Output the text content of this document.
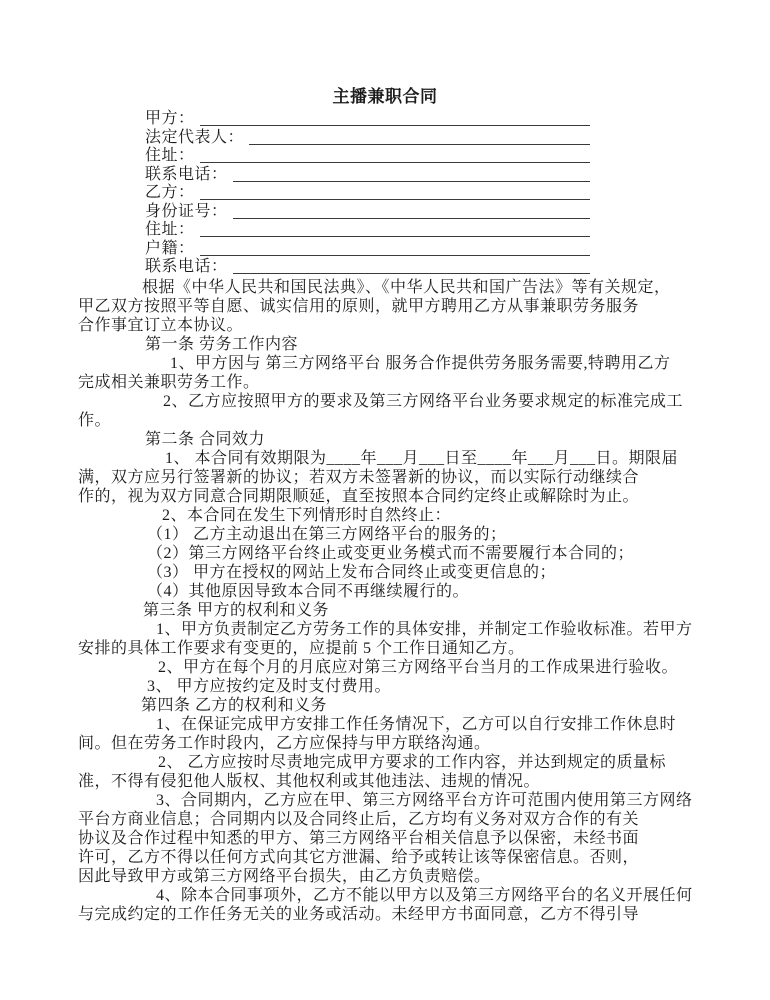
主播兼职合同
甲方：
法定代表人：
住址：
联系电话：
乙方：
身份证号：
住址：
户籍：
联系电话：
根据《中华人民共和国民法典》、《中华人民共和国广告法》等有关规定，
甲乙双方按照平等自愿、诚实信用的原则，就甲方聘用乙方从事兼职劳务服务
合作事宜订立本协议。
第一条 劳务工作内容
1、甲方因与 第三方网络平台 服务合作提供劳务服务需要,特聘用乙方
完成相关兼职劳务工作。
2、乙方应按照甲方的要求及第三方网络平台业务要求规定的标准完成工
作。
第二条 合同效力
1、 本合同有效期限为____年___月___日至____年___月___日。期限届
满，双方应另行签署新的协议；若双方未签署新的协议，而以实际行动继续合
作的，视为双方同意合同期限顺延，直至按照本合同约定终止或解除时为止。
2、本合同在发生下列情形时自然终止：
（1） 乙方主动退出在第三方网络平台的服务的；
（2）第三方网络平台终止或变更业务模式而不需要履行本合同的；
（3） 甲方在授权的网站上发布合同终止或变更信息的；
（4）其他原因导致本合同不再继续履行的。
第三条 甲方的权利和义务
1、甲方负责制定乙方劳务工作的具体安排，并制定工作验收标准。若甲方
安排的具体工作要求有变更的，应提前 5 个工作日通知乙方。
2、甲方在每个月的月底应对第三方网络平台当月的工作成果进行验收。
3、 甲方应按约定及时支付费用。
第四条 乙方的权利和义务
1、在保证完成甲方安排工作任务情况下，乙方可以自行安排工作休息时
间。但在劳务工作时段内，乙方应保持与甲方联络沟通。
2、 乙方应按时尽责地完成甲方要求的工作内容，并达到规定的质量标
准，不得有侵犯他人版权、其他权利或其他违法、违规的情况。
3、合同期内，乙方应在甲、第三方网络平台方许可范围内使用第三方网络
平台方商业信息；合同期内以及合同终止后，乙方均有义务对双方合作的有关
协议及合作过程中知悉的甲方、第三方网络平台相关信息予以保密，未经书面
许可，乙方不得以任何方式向其它方泄漏、给予或转让该等保密信息。否则，
因此导致甲方或第三方网络平台损失，由乙方负责赔偿。
4、除本合同事项外，乙方不能以甲方以及第三方网络平台的名义开展任何
与完成约定的工作任务无关的业务或活动。未经甲方书面同意，乙方不得引导
